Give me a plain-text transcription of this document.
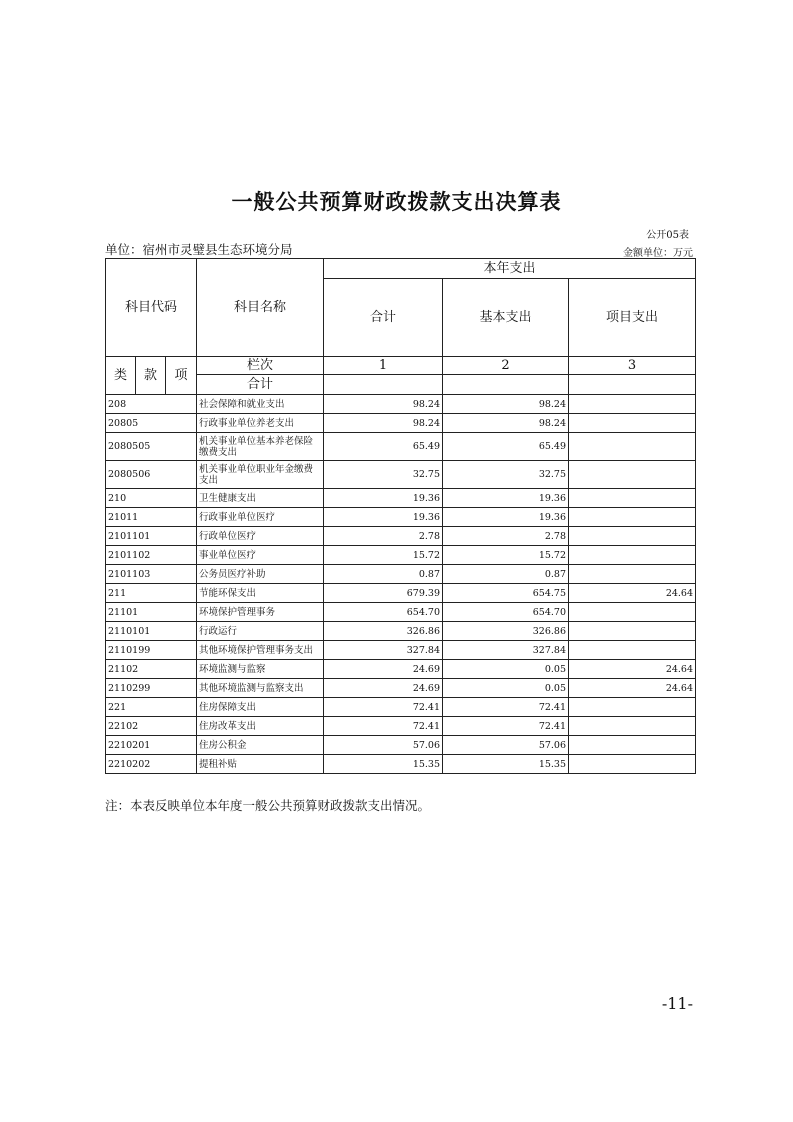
一般公共预算财政拨款支出决算表
公开05表
单位：宿州市灵璧县生态环境分局	金额单位：万元
科目代码			科目名称	本年支出		
				合计	基本支出	项目支出

类	款	项	栏次	1	2	3
			合计			
208			社会保障和就业支出	98.24	98.24	
20805			行政事业单位养老支出	98.24	98.24	
2080505			机关事业单位基本养老保险缴费支出	65.49	65.49	
2080506			机关事业单位职业年金缴费支出	32.75	32.75	
210			卫生健康支出	19.36	19.36	
21011			行政事业单位医疗	19.36	19.36	
2101101			行政单位医疗	2.78	2.78	
2101102			事业单位医疗	15.72	15.72	
2101103			公务员医疗补助	0.87	0.87	
211			节能环保支出	679.39	654.75	24.64
21101			环境保护管理事务	654.70	654.70	
2110101			行政运行	326.86	326.86	
2110199			其他环境保护管理事务支出	327.84	327.84	
21102			环境监测与监察	24.69	0.05	24.64
2110299			其他环境监测与监察支出	24.69	0.05	24.64
221			住房保障支出	72.41	72.41	
22102			住房改革支出	72.41	72.41	
2210201			住房公积金	57.06	57.06	
2210202			提租补贴	15.35	15.35	
注：本表反映单位本年度一般公共预算财政拨款支出情况。
-11-
